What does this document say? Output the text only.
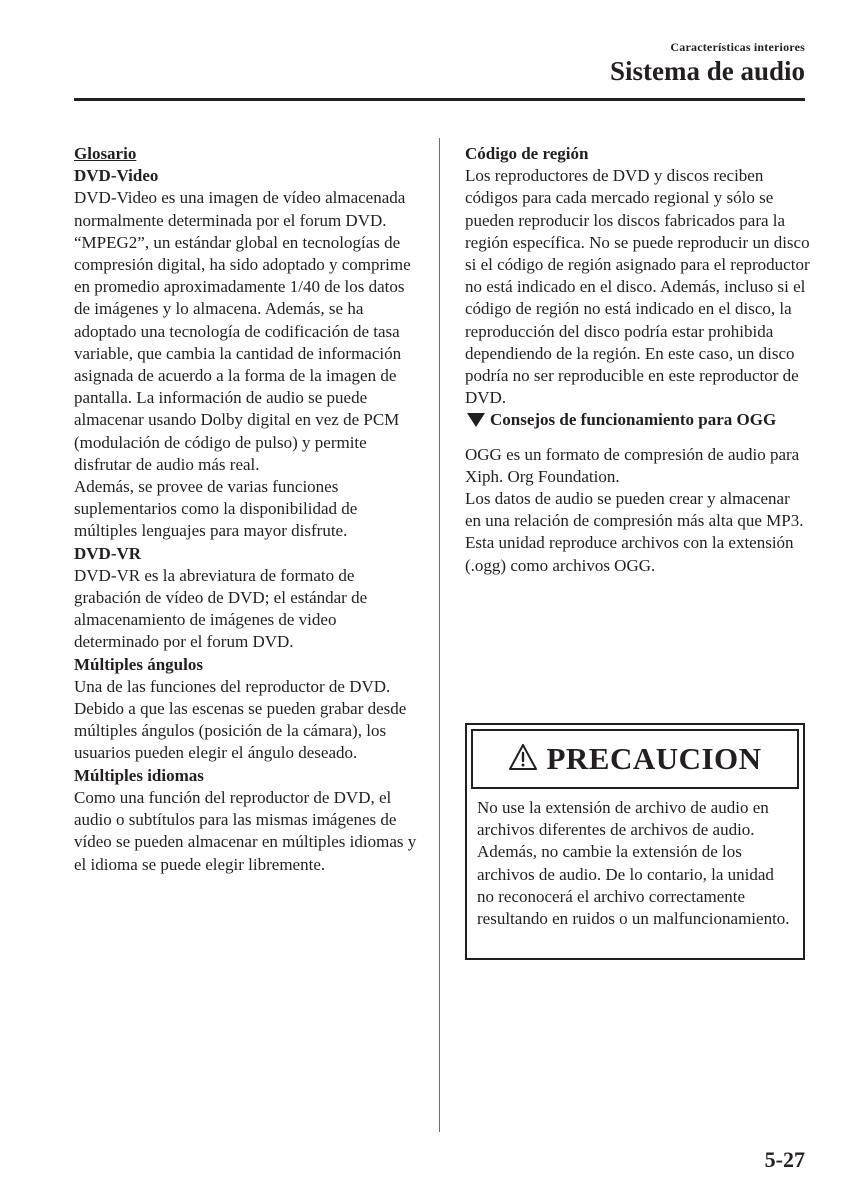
Características interiores
Sistema de audio

Glosario

DVD-Video

DVD-Video es una imagen de vídeo almacenada normalmente determinada por el forum DVD.

“MPEG2”, un estándar global en tecnologías de compresión digital, ha sido adoptado y comprime en promedio aproximadamente 1/40 de los datos de imágenes y lo almacena. Además, se ha adoptado una tecnología de codificación de tasa variable, que cambia la cantidad de información asignada de acuerdo a la forma de la imagen de pantalla. La información de audio se puede almacenar usando Dolby digital en vez de PCM (modulación de código de pulso) y permite disfrutar de audio más real.

Además, se provee de varias funciones suplementarios como la disponibilidad de múltiples lenguajes para mayor disfrute.

DVD-VR

DVD-VR es la abreviatura de formato de grabación de vídeo de DVD; el estándar de almacenamiento de imágenes de video determinado por el forum DVD.

Múltiples ángulos

Una de las funciones del reproductor de DVD. Debido a que las escenas se pueden grabar desde múltiples ángulos (posición de la cámara), los usuarios pueden elegir el ángulo deseado.

Múltiples idiomas

Como una función del reproductor de DVD, el audio o subtítulos para las mismas imágenes de vídeo se pueden almacenar en múltiples idiomas y el idioma se puede elegir libremente.

Código de región

Los reproductores de DVD y discos reciben códigos para cada mercado regional y sólo se pueden reproducir los discos fabricados para la región específica. No se puede reproducir un disco si el código de región asignado para el reproductor no está indicado en el disco. Además, incluso si el código de región no está indicado en el disco, la reproducción del disco podría estar prohibida dependiendo de la región. En este caso, un disco podría no ser reproducible en este reproductor de DVD.

Consejos de funcionamiento para OGG

OGG es un formato de compresión de audio para Xiph. Org Foundation.

Los datos de audio se pueden crear y almacenar en una relación de compresión más alta que MP3.

Esta unidad reproduce archivos con la extensión (.ogg) como archivos OGG.

PRECAUCION
No use la extensión de archivo de audio en archivos diferentes de archivos de audio. Además, no cambie la extensión de los archivos de audio. De lo contario, la unidad no reconocerá el archivo correctamente resultando en ruidos o un malfuncionamiento.
5-27
